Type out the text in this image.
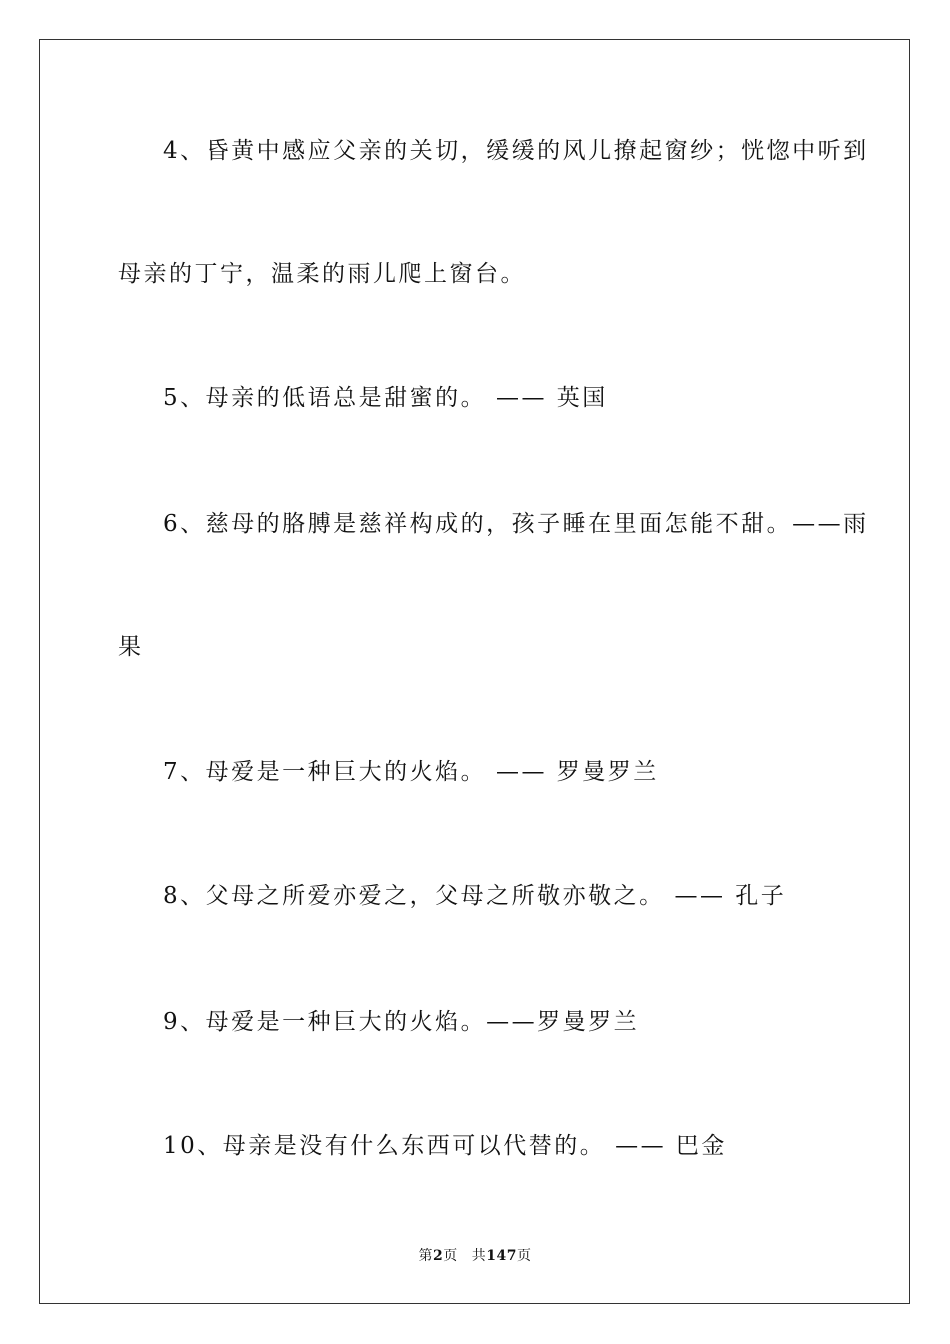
4、昏黄中感应父亲的关切，缓缓的风儿撩起窗纱；恍惚中听到
母亲的丁宁，温柔的雨儿爬上窗台。
5、母亲的低语总是甜蜜的。 —— 英国
6、慈母的胳膊是慈祥构成的，孩子睡在里面怎能不甜。——雨
果
7、母爱是一种巨大的火焰。 —— 罗曼罗兰
8、父母之所爱亦爱之，父母之所敬亦敬之。 —— 孔子
9、母爱是一种巨大的火焰。——罗曼罗兰
10、母亲是没有什么东西可以代替的。 —— 巴金
第2页 共147页
